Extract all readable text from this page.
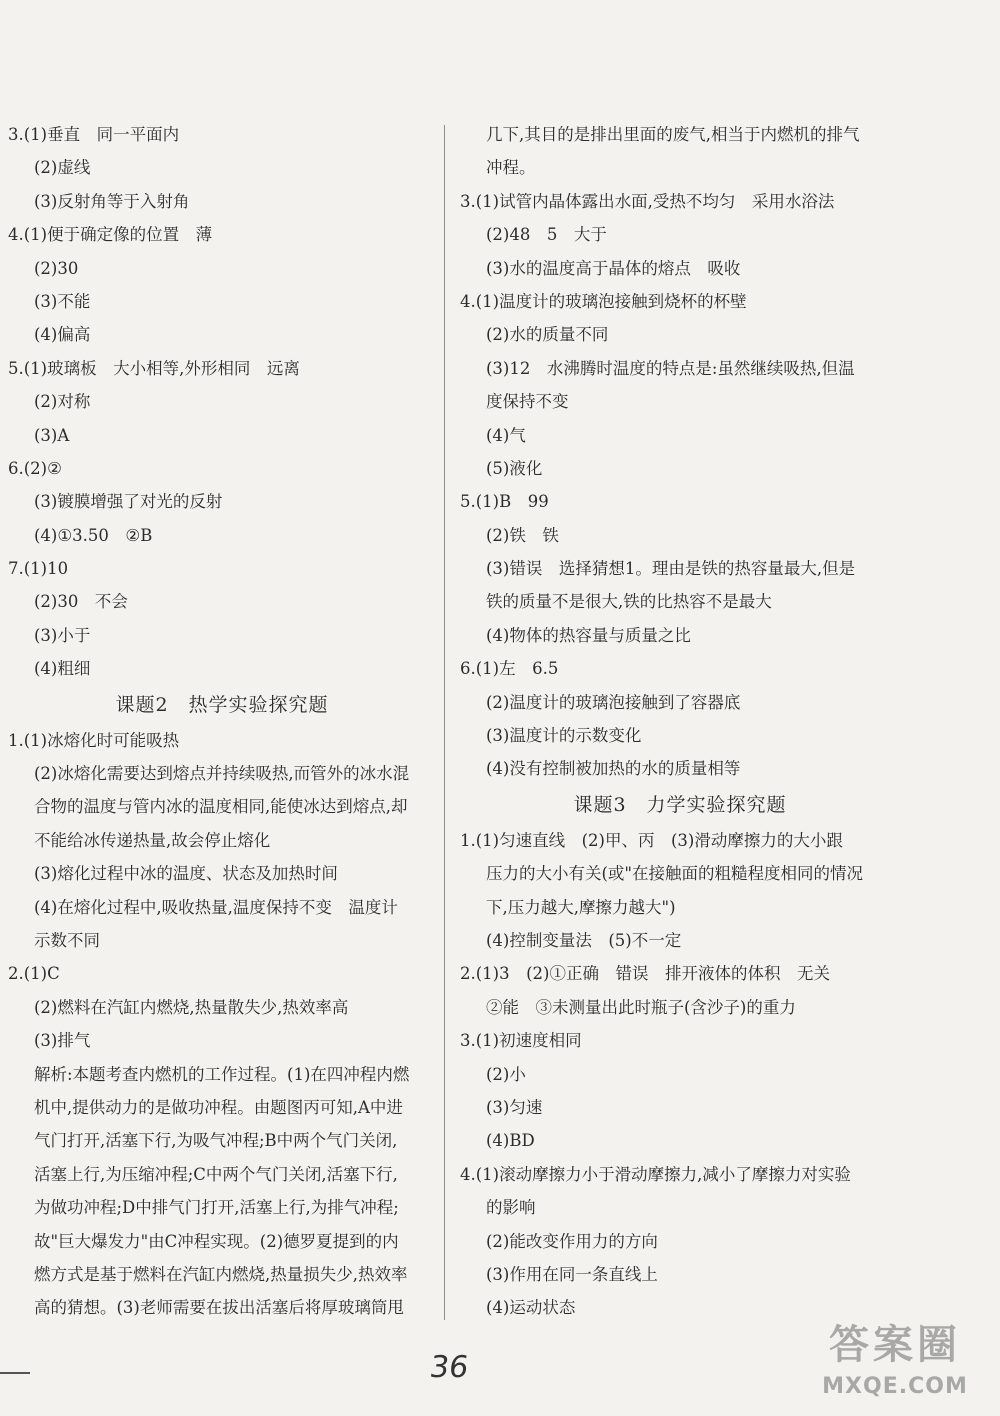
3.(1)垂直　同一平面内
(2)虚线
(3)反射角等于入射角
4.(1)便于确定像的位置　薄
(2)30
(3)不能
(4)偏高
5.(1)玻璃板　大小相等,外形相同　远离
(2)对称
(3)A
6.(2)②
(3)镀膜增强了对光的反射
(4)①3.50　②B
7.(1)10
(2)30　不会
(3)小于
(4)粗细
课题2　热学实验探究题
1.(1)冰熔化时可能吸热
(2)冰熔化需要达到熔点并持续吸热,而管外的冰水混
合物的温度与管内冰的温度相同,能使冰达到熔点,却
不能给冰传递热量,故会停止熔化
(3)熔化过程中冰的温度、状态及加热时间
(4)在熔化过程中,吸收热量,温度保持不变　温度计
示数不同
2.(1)C
(2)燃料在汽缸内燃烧,热量散失少,热效率高
(3)排气
解析:本题考查内燃机的工作过程。(1)在四冲程内燃
机中,提供动力的是做功冲程。由题图丙可知,A中进
气门打开,活塞下行,为吸气冲程;B中两个气门关闭,
活塞上行,为压缩冲程;C中两个气门关闭,活塞下行,
为做功冲程;D中排气门打开,活塞上行,为排气冲程;
故"巨大爆发力"由C冲程实现。(2)德罗夏提到的内
燃方式是基于燃料在汽缸内燃烧,热量损失少,热效率
高的猜想。(3)老师需要在拔出活塞后将厚玻璃筒甩
几下,其目的是排出里面的废气,相当于内燃机的排气
冲程。
3.(1)试管内晶体露出水面,受热不均匀　采用水浴法
(2)48　5　大于
(3)水的温度高于晶体的熔点　吸收
4.(1)温度计的玻璃泡接触到烧杯的杯壁
(2)水的质量不同
(3)12　水沸腾时温度的特点是:虽然继续吸热,但温
度保持不变
(4)气
(5)液化
5.(1)B　99
(2)铁　铁
(3)错误　选择猜想1。理由是铁的热容量最大,但是
铁的质量不是很大,铁的比热容不是最大
(4)物体的热容量与质量之比
6.(1)左　6.5
(2)温度计的玻璃泡接触到了容器底
(3)温度计的示数变化
(4)没有控制被加热的水的质量相等
课题3　力学实验探究题
1.(1)匀速直线　(2)甲、丙　(3)滑动摩擦力的大小跟
压力的大小有关(或"在接触面的粗糙程度相同的情况
下,压力越大,摩擦力越大")
(4)控制变量法　(5)不一定
2.(1)3　(2)①正确　错误　排开液体的体积　无关
②能　③未测量出此时瓶子(含沙子)的重力
3.(1)初速度相同
(2)小
(3)匀速
(4)BD
4.(1)滚动摩擦力小于滑动摩擦力,减小了摩擦力对实验
的影响
(2)能改变作用力的方向
(3)作用在同一条直线上
(4)运动状态
36	答案圈
MXQE.COM
